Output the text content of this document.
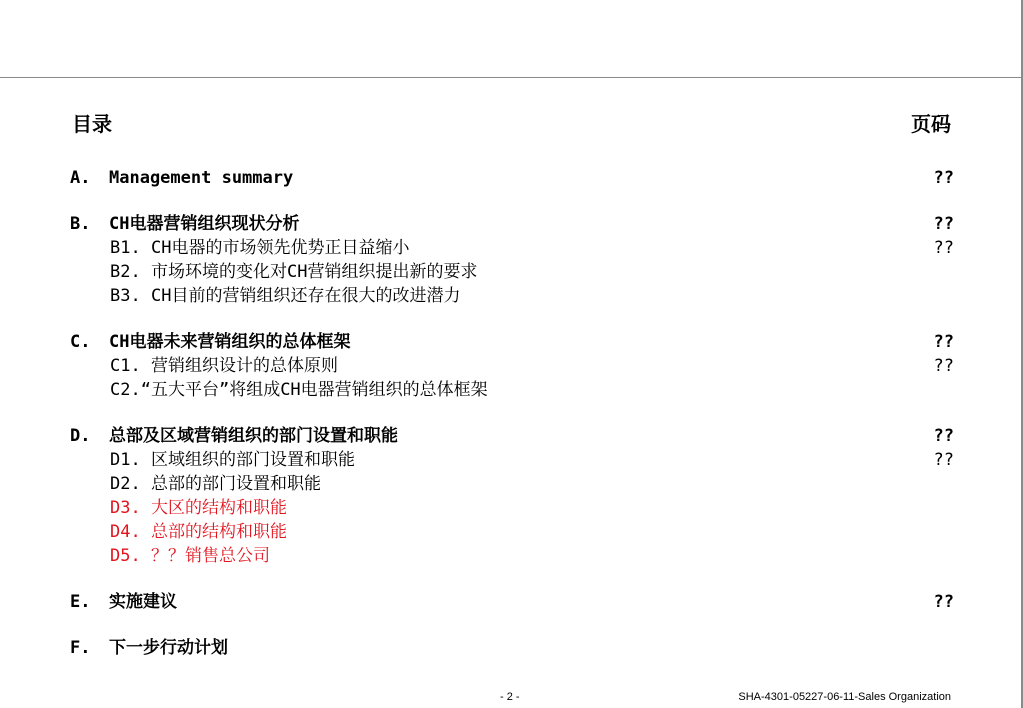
目录	页码
A.	Management summary	??
B.	CH电器营销组织现状分析	??
B1. CH电器的市场领先优势正日益缩小	??
B2. 市场环境的变化对CH营销组织提出新的要求
B3. CH目前的营销组织还存在很大的改进潜力
C.	CH电器未来营销组织的总体框架	??
C1. 营销组织设计的总体原则	??
C2.“五大平台”将组成CH电器营销组织的总体框架
D.	总部及区域营销组织的部门设置和职能	??
D1. 区域组织的部门设置和职能	??
D2. 总部的部门设置和职能
D3. 大区的结构和职能
D4. 总部的结构和职能
D5. ？？销售总公司
E.	实施建议	??
F.	下一步行动计划
- 2 -	SHA-4301-05227-06-11-Sales Organization
